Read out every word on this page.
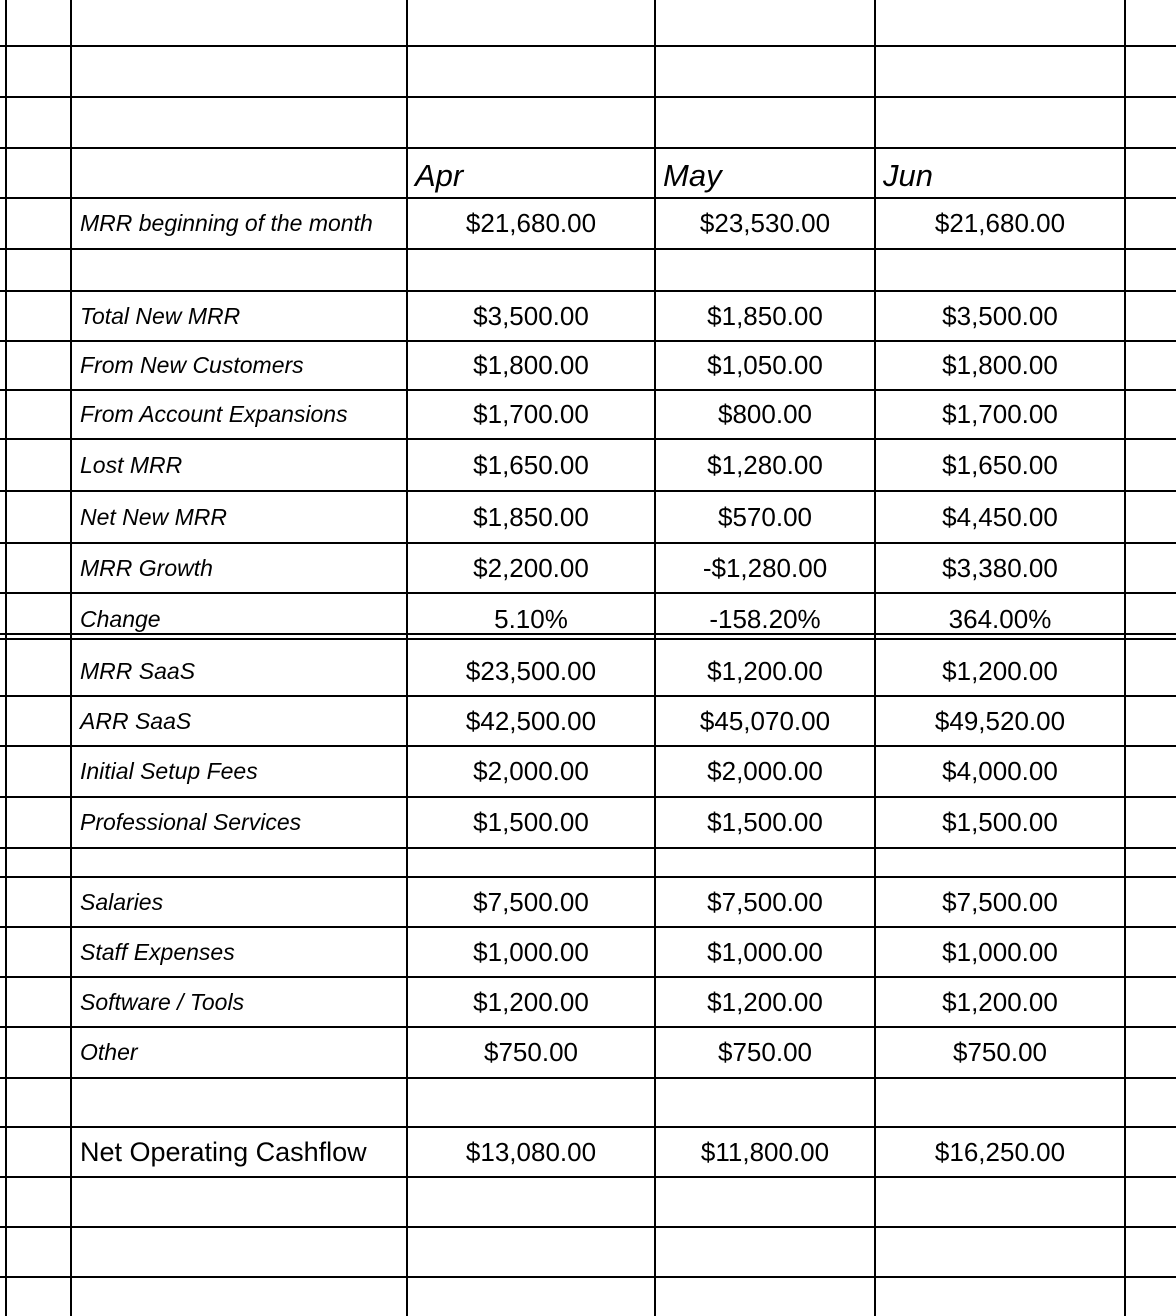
Apr	May	Jun
MRR beginning of the month	$21,680.00	$23,530.00	$21,680.00
Total New MRR	$3,500.00	$1,850.00	$3,500.00
From New Customers	$1,800.00	$1,050.00	$1,800.00
From Account Expansions	$1,700.00	$800.00	$1,700.00
Lost MRR	$1,650.00	$1,280.00	$1,650.00
Net New MRR	$1,850.00	$570.00	$4,450.00
MRR Growth	$2,200.00	-$1,280.00	$3,380.00
Change	5.10%	-158.20%	364.00%
MRR SaaS	$23,500.00	$1,200.00	$1,200.00
ARR SaaS	$42,500.00	$45,070.00	$49,520.00
Initial Setup Fees	$2,000.00	$2,000.00	$4,000.00
Professional Services	$1,500.00	$1,500.00	$1,500.00
Salaries	$7,500.00	$7,500.00	$7,500.00
Staff Expenses	$1,000.00	$1,000.00	$1,000.00
Software / Tools	$1,200.00	$1,200.00	$1,200.00
Other	$750.00	$750.00	$750.00
Net Operating Cashflow	$13,080.00	$11,800.00	$16,250.00
